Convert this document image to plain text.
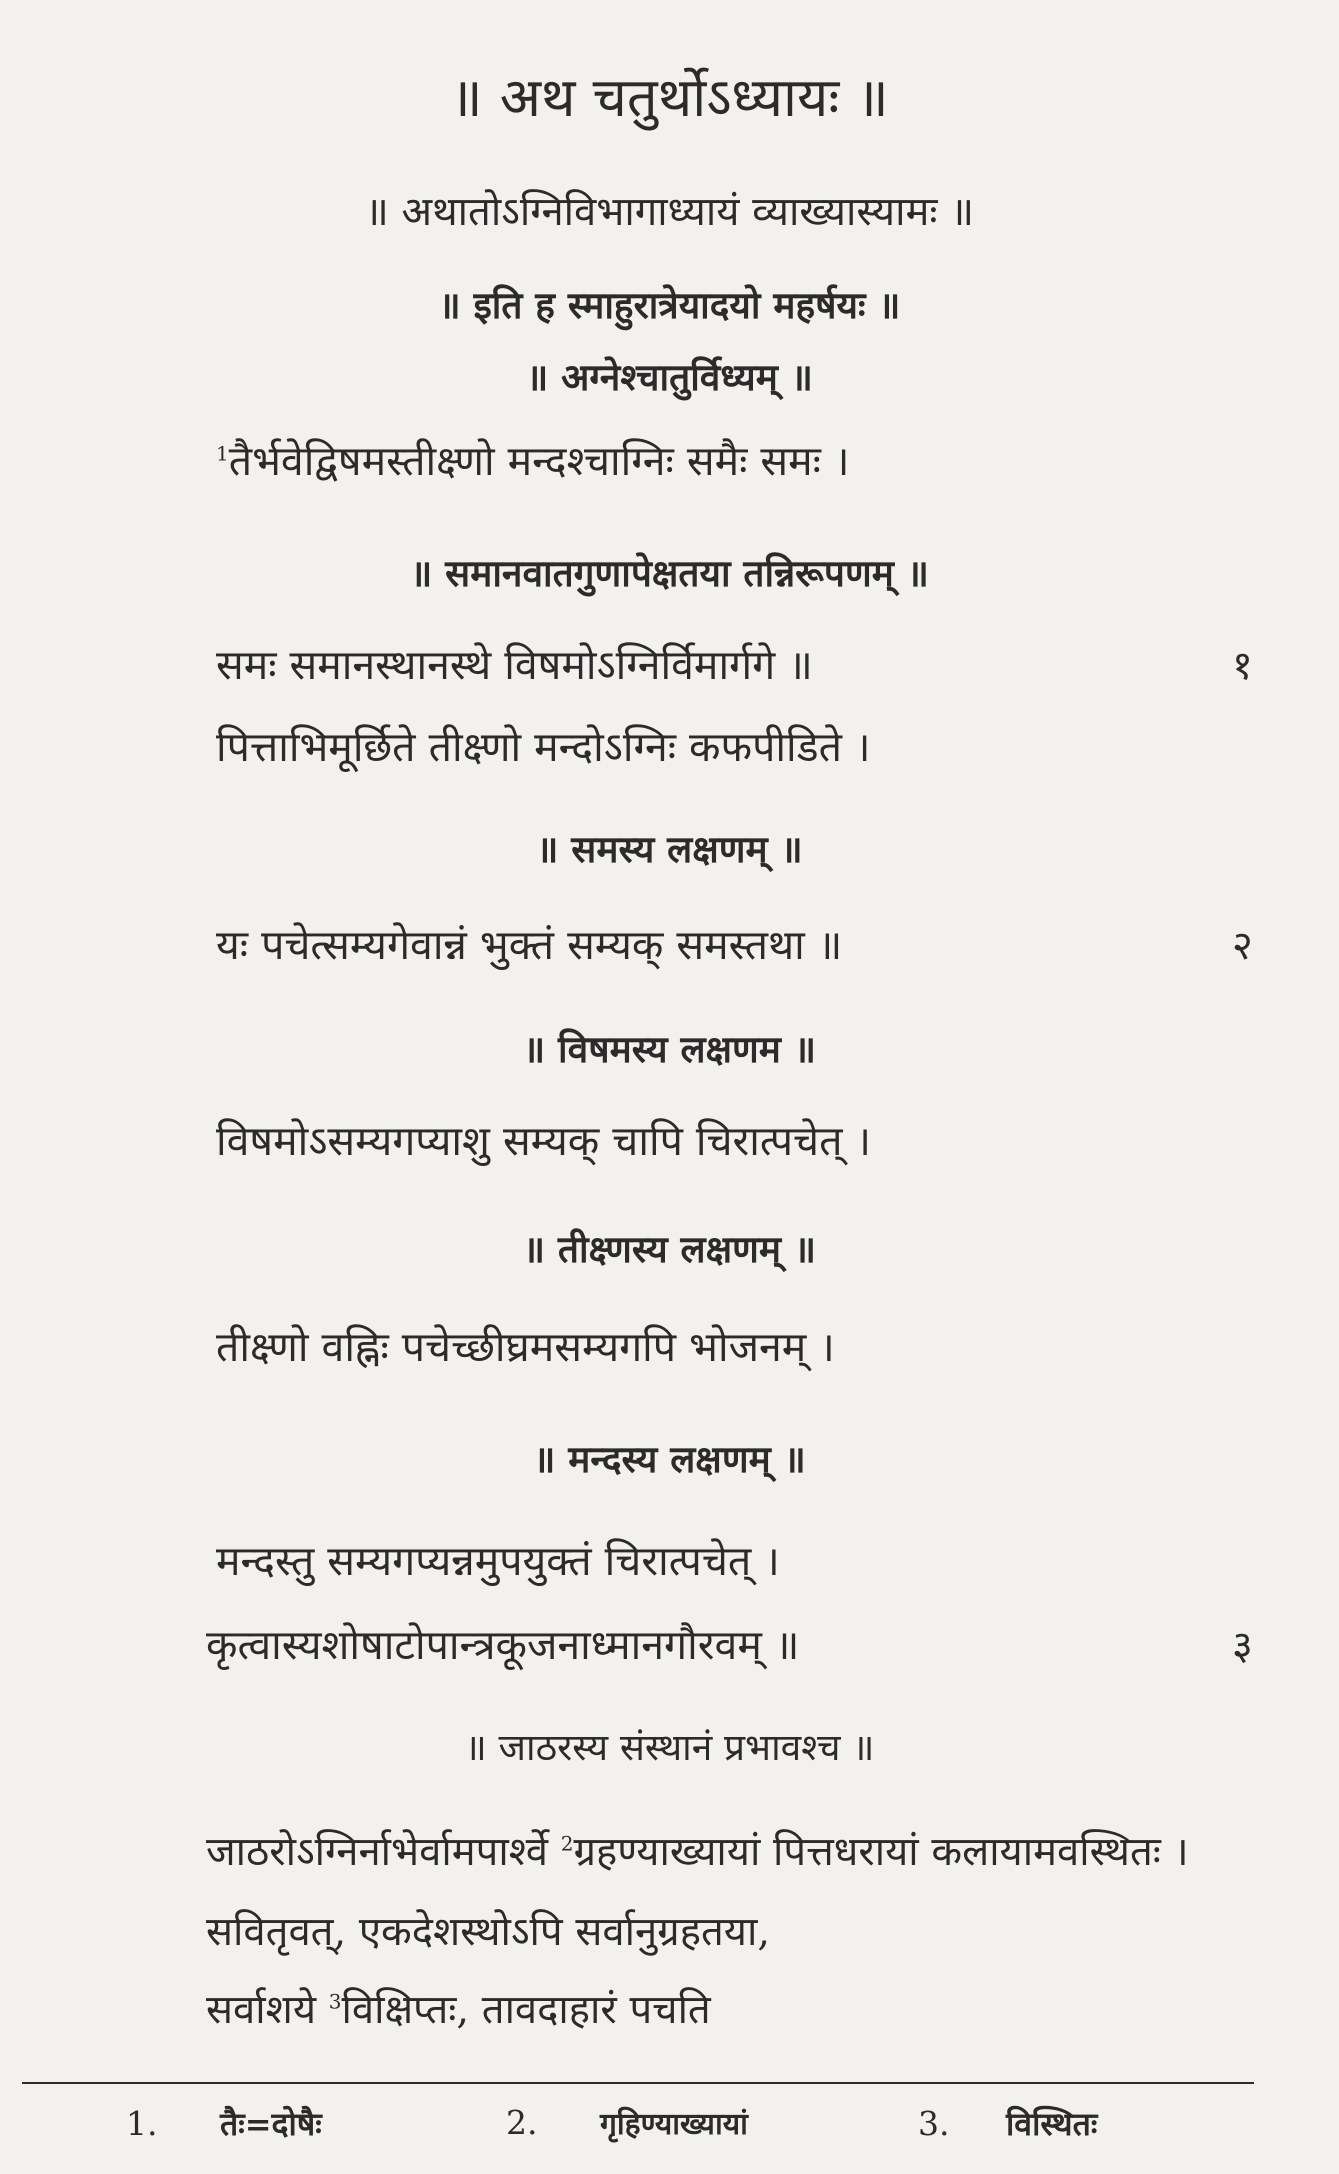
॥ अथ चतुर्थोऽध्यायः ॥
॥ अथातोऽग्निविभागाध्यायं व्याख्यास्यामः ॥
॥ इति ह स्माहुरात्रेयादयो महर्षयः ॥
॥ अग्नेश्चातुर्विध्यम् ॥
$^1$तैर्भवेद्विषमस्तीक्ष्णो मन्दश्चाग्निः समैः समः ।
॥ समानवातगुणापेक्षतया तन्निरूपणम् ॥
समः समानस्थानस्थे विषमोऽग्निर्विमार्गगे ॥	१
पित्ताभिमूर्छिते तीक्ष्णो मन्दोऽग्निः कफपीडिते ।
॥ समस्य लक्षणम् ॥
यः पचेत्सम्यगेवान्नं भुक्तं सम्यक् समस्तथा ॥	२
॥ विषमस्य लक्षणम ॥
विषमोऽसम्यगप्याशु सम्यक् चापि चिरात्पचेत् ।
॥ तीक्ष्णस्य लक्षणम् ॥
तीक्ष्णो वह्निः पचेच्छीघ्रमसम्यगपि भोजनम् ।
॥ मन्दस्य लक्षणम् ॥
मन्दस्तु सम्यगप्यन्नमुपयुक्तं चिरात्पचेत् ।
कृत्वास्यशोषाटोपान्त्रकूजनाध्मानगौरवम् ॥	३
॥ जाठरस्य संस्थानं प्रभावश्च ॥
जाठरोऽग्निर्नाभेर्वामपार्श्वे $^2$ग्रहण्याख्यायां पित्तधरायां कलायामवस्थितः ।
सवितृवत्, एकदेशस्थोऽपि सर्वानुग्रहतया,
सर्वाशये $^3$विक्षिप्तः, तावदाहारं पचति
1. तैः=दोषैः	2. गृहिण्याख्यायां	3. विस्थितः
